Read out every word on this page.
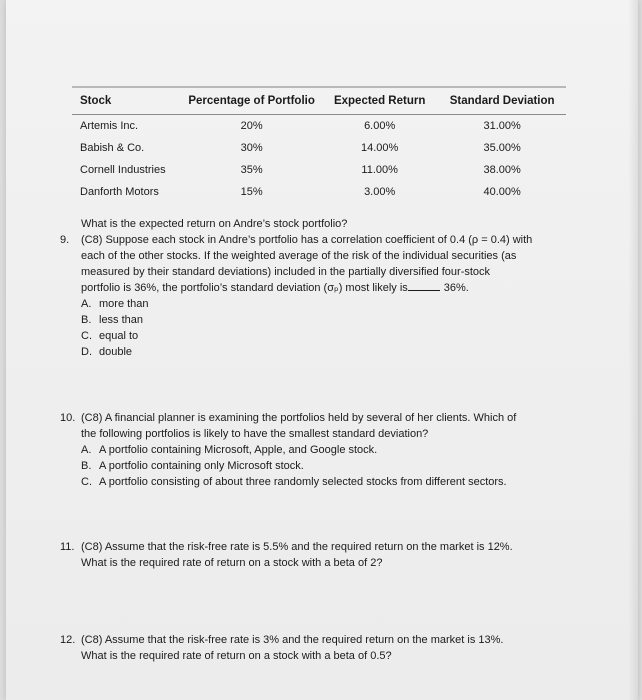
Stock	Percentage of Portfolio	Expected Return	Standard Deviation
Artemis Inc.	20%	6.00%	31.00%
Babish & Co.	30%	14.00%	35.00%
Cornell Industries	35%	11.00%	38.00%
Danforth Motors	15%	3.00%	40.00%
What is the expected return on Andre’s stock portfolio?
9. (C8) Suppose each stock in Andre’s portfolio has a correlation coefficient of 0.4 (ρ = 0.4) with
each of the other stocks. If the weighted average of the risk of the individual securities (as
measured by their standard deviations) included in the partially diversified four-stock
portfolio is 36%, the portfolio’s standard deviation (σₚ) most likely is	36%.
A. more than
B. less than
C. equal to
D. double
10. (C8) A financial planner is examining the portfolios held by several of her clients. Which of
the following portfolios is likely to have the smallest standard deviation?
A. A portfolio containing Microsoft, Apple, and Google stock.
B. A portfolio containing only Microsoft stock.
C. A portfolio consisting of about three randomly selected stocks from different sectors.
11. (C8) Assume that the risk-free rate is 5.5% and the required return on the market is 12%.
What is the required rate of return on a stock with a beta of 2?
12. (C8) Assume that the risk-free rate is 3% and the required return on the market is 13%.
What is the required rate of return on a stock with a beta of 0.5?
